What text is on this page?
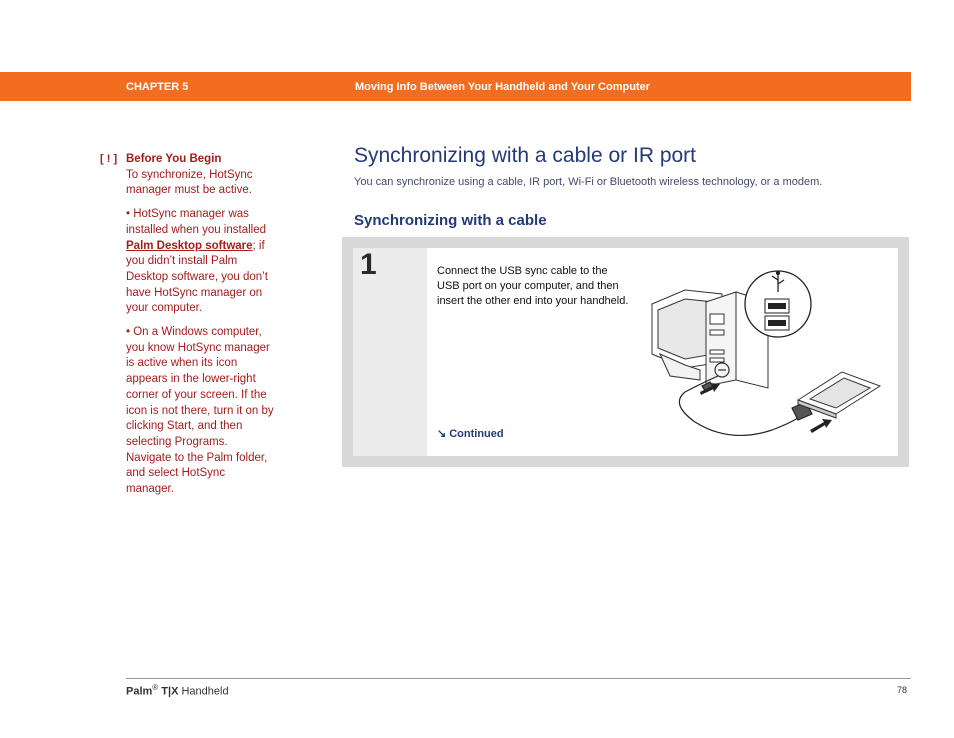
CHAPTER 5	Moving Info Between Your Handheld and Your Computer
[ ! ] Before You Begin
To synchronize, HotSync manager must be active.

• HotSync manager was installed when you installed Palm Desktop software; if you didn’t install Palm Desktop software, you don’t have HotSync manager on your computer.

• On a Windows computer, you know HotSync manager is active when its icon appears in the lower-right corner of your screen. If the icon is not there, turn it on by clicking Start, and then selecting Programs. Navigate to the Palm folder, and select HotSync manager.

Synchronizing with a cable or IR port

You can synchronize using a cable, IR port, Wi-Fi or Bluetooth wireless technology, or a modem.

Synchronizing with a cable
1	Connect the USB sync cable to the USB port on your computer, and then insert the other end into your handheld.

↘ Continued
Palm® T|X Handheld	78
